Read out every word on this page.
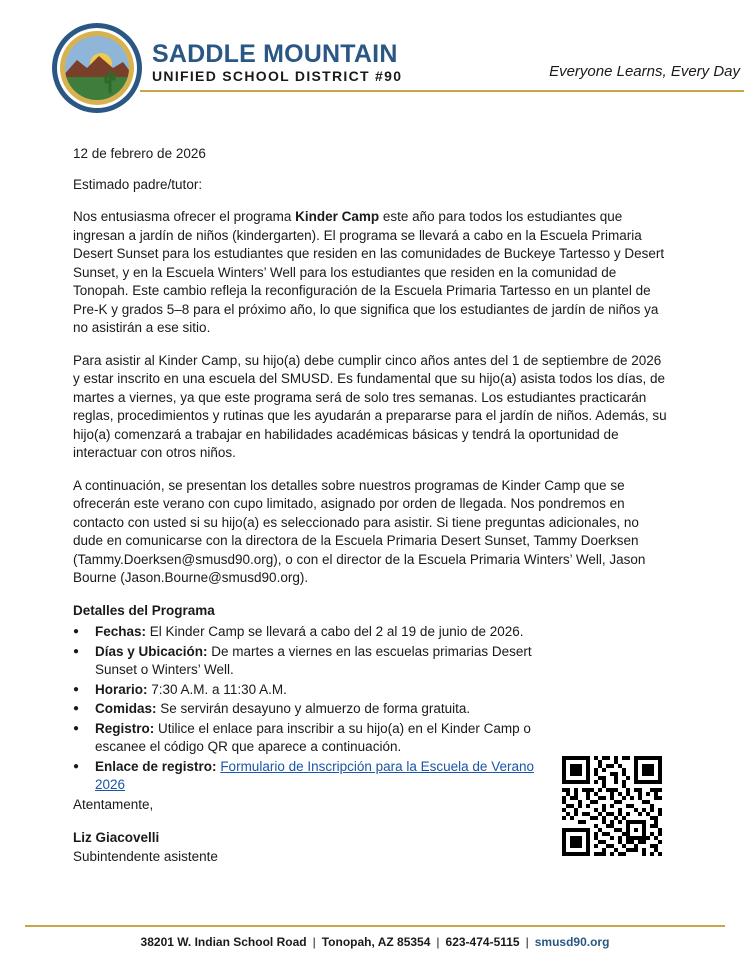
SADDLE MOUNTAIN
UNIFIED SCHOOL DISTRICT #90	Everyone Learns, Every Day

12 de febrero de 2026

Estimado padre/tutor:

Nos entusiasma ofrecer el programa Kinder Camp este año para todos los estudiantes que ingresan a jardín de niños (kindergarten). El programa se llevará a cabo en la Escuela Primaria Desert Sunset para los estudiantes que residen en las comunidades de Buckeye Tartesso y Desert Sunset, y en la Escuela Winters’ Well para los estudiantes que residen en la comunidad de Tonopah. Este cambio refleja la reconfiguración de la Escuela Primaria Tartesso en un plantel de Pre-K y grados 5–8 para el próximo año, lo que significa que los estudiantes de jardín de niños ya no asistirán a ese sitio.

Para asistir al Kinder Camp, su hijo(a) debe cumplir cinco años antes del 1 de septiembre de 2026 y estar inscrito en una escuela del SMUSD. Es fundamental que su hijo(a) asista todos los días, de martes a viernes, ya que este programa será de solo tres semanas. Los estudiantes practicarán reglas, procedimientos y rutinas que les ayudarán a prepararse para el jardín de niños. Además, su hijo(a) comenzará a trabajar en habilidades académicas básicas y tendrá la oportunidad de interactuar con otros niños.

A continuación, se presentan los detalles sobre nuestros programas de Kinder Camp que se ofrecerán este verano con cupo limitado, asignado por orden de llegada. Nos pondremos en contacto con usted si su hijo(a) es seleccionado para asistir. Si tiene preguntas adicionales, no dude en comunicarse con la directora de la Escuela Primaria Desert Sunset, Tammy Doerksen (Tammy.Doerksen@smusd90.org), o con el director de la Escuela Primaria Winters’ Well, Jason Bourne (Jason.Bourne@smusd90.org).

Detalles del Programa
● Fechas: El Kinder Camp se llevará a cabo del 2 al 19 de junio de 2026.
● Días y Ubicación: De martes a viernes en las escuelas primarias Desert Sunset o Winters’ Well.
● Horario: 7:30 A.M. a 11:30 A.M.
● Comidas: Se servirán desayuno y almuerzo de forma gratuita.
● Registro: Utilice el enlace para inscribir a su hijo(a) en el Kinder Camp o escanee el código QR que aparece a continuación.
● Enlace de registro: Formulario de Inscripción para la Escuela de Verano 2026

Atentamente,

Liz Giacovelli
Subintendente asistente
38201 W. Indian School Road | Tonopah, AZ 85354 | 623-474-5115 | smusd90.org
